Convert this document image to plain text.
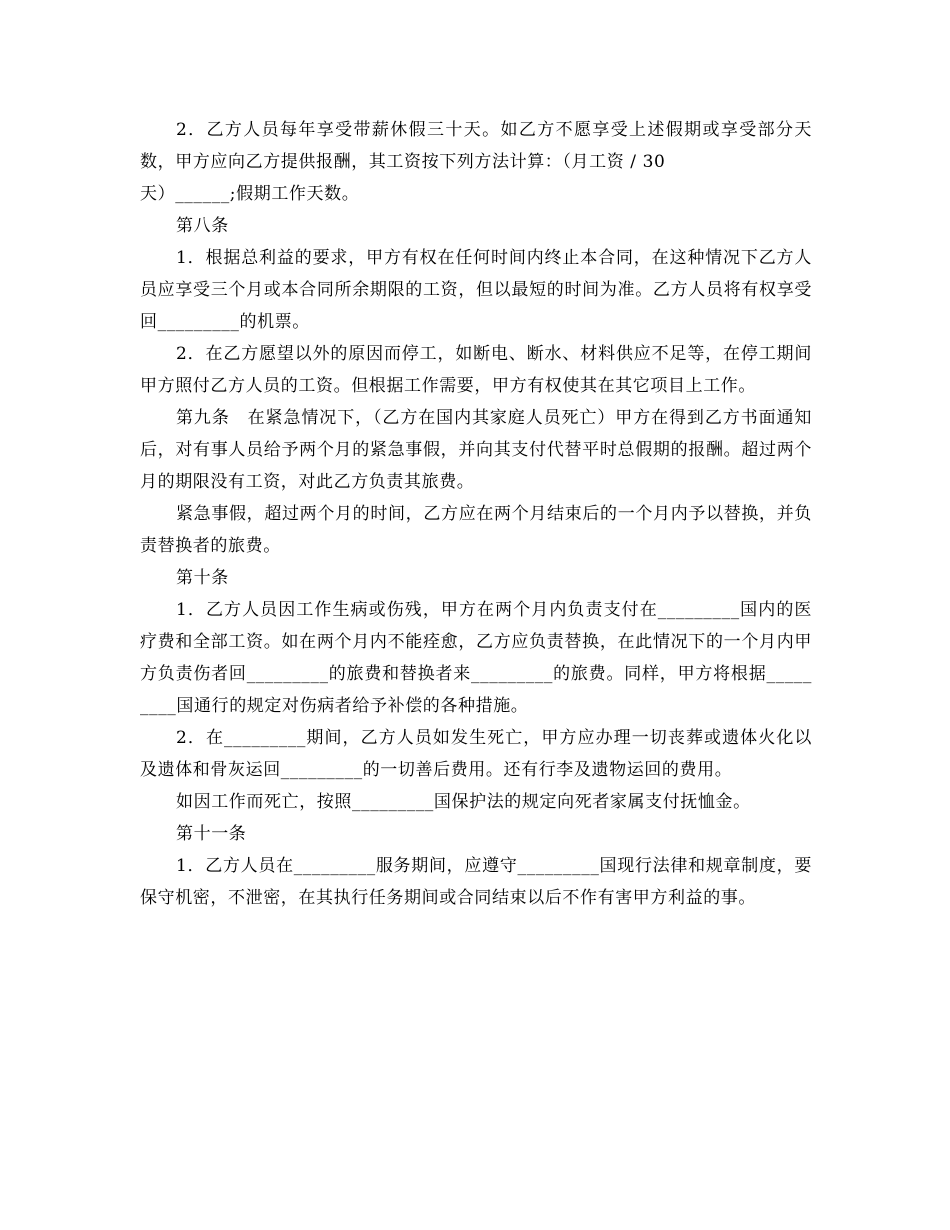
2．乙方人员每年享受带薪休假三十天。如乙方不愿享受上述假期或享受部分天数，甲方应向乙方提供报酬，其工资按下列方法计算：（月工资 / 30
天）______;假期工作天数。

第八条

1．根据总利益的要求，甲方有权在任何时间内终止本合同，在这种情况下乙方人员应享受三个月或本合同所余期限的工资，但以最短的时间为准。乙方人员将有权享受回_________的机票。

2．在乙方愿望以外的原因而停工，如断电、断水、材料供应不足等，在停工期间甲方照付乙方人员的工资。但根据工作需要，甲方有权使其在其它项目上工作。

第九条　在紧急情况下，（乙方在国内其家庭人员死亡）甲方在得到乙方书面通知后，对有事人员给予两个月的紧急事假，并向其支付代替平时总假期的报酬。超过两个月的期限没有工资，对此乙方负责其旅费。

紧急事假，超过两个月的时间，乙方应在两个月结束后的一个月内予以替换，并负责替换者的旅费。

第十条

1．乙方人员因工作生病或伤残，甲方在两个月内负责支付在_________国内的医疗费和全部工资。如在两个月内不能痊愈，乙方应负责替换，在此情况下的一个月内甲方负责伤者回_________的旅费和替换者来_________的旅费。同样，甲方将根据_________国通行的规定对伤病者给予补偿的各种措施。

2．在_________期间，乙方人员如发生死亡，甲方应办理一切丧葬或遗体火化以及遗体和骨灰运回_________的一切善后费用。还有行李及遗物运回的费用。

如因工作而死亡，按照_________国保护法的规定向死者家属支付抚恤金。

第十一条

1．乙方人员在_________服务期间，应遵守_________国现行法律和规章制度，要保守机密，不泄密，在其执行任务期间或合同结束以后不作有害甲方利益的事。
